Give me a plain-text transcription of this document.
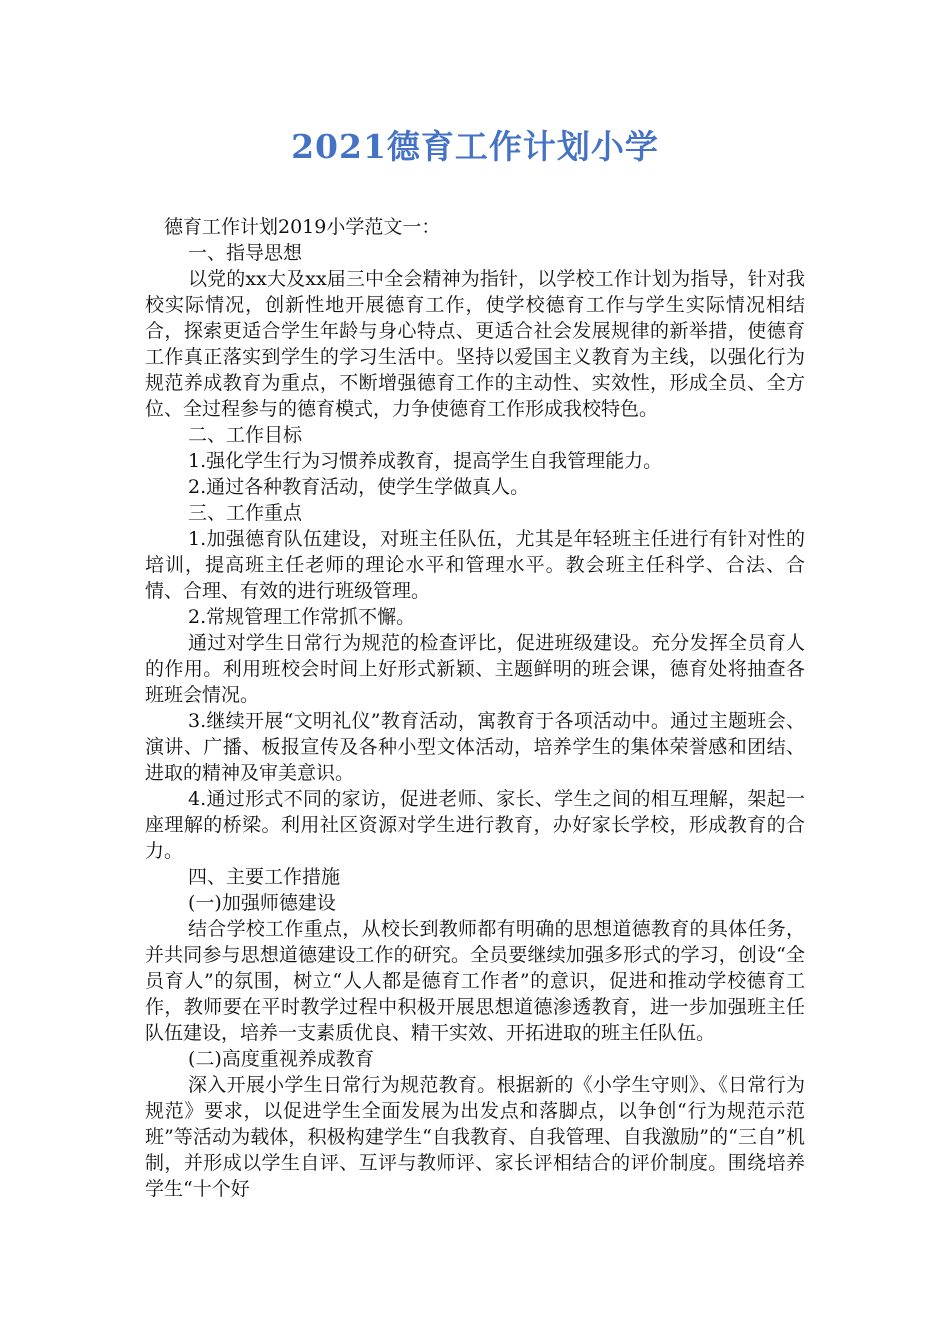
2021德育工作计划小学

德育工作计划2019小学范文一：

一、指导思想

以党的xx大及xx届三中全会精神为指针，以学校工作计划为指导，针对我校实际情况，创新性地开展德育工作，使学校德育工作与学生实际情况相结合，探索更适合学生年龄与身心特点、更适合社会发展规律的新举措，使德育工作真正落实到学生的学习生活中。坚持以爱国主义教育为主线，以强化行为规范养成教育为重点，不断增强德育工作的主动性、实效性，形成全员、全方位、全过程参与的德育模式，力争使德育工作形成我校特色。

二、工作目标

1.强化学生行为习惯养成教育，提高学生自我管理能力。

2.通过各种教育活动，使学生学做真人。

三、工作重点

1.加强德育队伍建设，对班主任队伍，尤其是年轻班主任进行有针对性的培训，提高班主任老师的理论水平和管理水平。教会班主任科学、合法、合情、合理、有效的进行班级管理。

2.常规管理工作常抓不懈。

通过对学生日常行为规范的检查评比，促进班级建设。充分发挥全员育人的作用。利用班校会时间上好形式新颖、主题鲜明的班会课，德育处将抽查各班班会情况。

3.继续开展“文明礼仪”教育活动，寓教育于各项活动中。通过主题班会、演讲、广播、板报宣传及各种小型文体活动，培养学生的集体荣誉感和团结、进取的精神及审美意识。

4.通过形式不同的家访，促进老师、家长、学生之间的相互理解，架起一座理解的桥梁。利用社区资源对学生进行教育，办好家长学校，形成教育的合力。

四、主要工作措施

(一)加强师德建设

结合学校工作重点，从校长到教师都有明确的思想道德教育的具体任务，并共同参与思想道德建设工作的研究。全员要继续加强多形式的学习，创设“全员育人”的氛围，树立“人人都是德育工作者”的意识，促进和推动学校德育工作，教师要在平时教学过程中积极开展思想道德渗透教育，进一步加强班主任队伍建设，培养一支素质优良、精干实效、开拓进取的班主任队伍。

(二)高度重视养成教育

深入开展小学生日常行为规范教育。根据新的《小学生守则》、《日常行为规范》要求，以促进学生全面发展为出发点和落脚点，以争创“行为规范示范班”等活动为载体，积极构建学生“自我教育、自我管理、自我激励”的“三自”机制，并形成以学生自评、互评与教师评、家长评相结合的评价制度。围绕培养学生“十个好
